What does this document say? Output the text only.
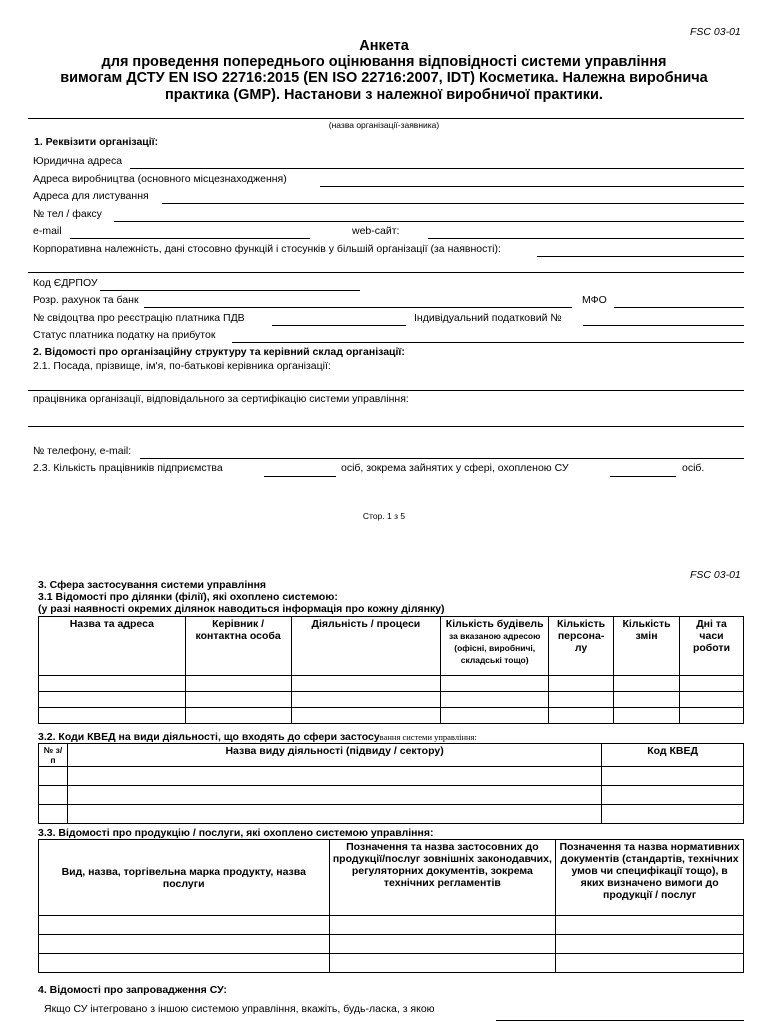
FSC 03-01
Анкета
для проведення попереднього оцінювання відповідності системи управління
вимогам ДСТУ EN ISO 22716:2015 (EN ISO 22716:2007, IDT) Косметика. Належна виробнича
практика (GMP). Настанови з належної виробничої практики.
(назва організації-заявника)
1. Реквізити організації:
Юридична адреса
Адреса виробництва (основного місцезнаходження)
Адреса для листування
№ тел / факсу
e-mail	web-сайт:
Корпоративна належність, дані стосовно функцій і стосунків у більшій організації (за наявності):
Код ЄДРПОУ
Розр. рахунок та банк	МФО
№ свідоцтва про реєстрацію платника ПДВ	Індивідуальний податковий №
Статус платника податку на прибуток
2. Відомості про організаційну структуру та керівний склад організації:
2.1. Посада, прізвище, ім'я, по-батькові керівника організації:
працівника організації, відповідального за сертифікацію системи управління:
№ телефону, e-mail:
2.3. Кількість працівників підприємства	осіб, зокрема зайнятих у сфері, охопленою СУ	осіб.
Стор. 1 з 5
FSC 03-01
3. Сфера застосування системи управління
3.1 Відомості про ділянки (філії), які охоплено системою:
(у разі наявності окремих ділянок наводиться інформація про кожну ділянку)
Назва та адреса	Керівник / контактна особа	Діяльність / процеси	Кількість будівель
за вказаною адресою (офісні, виробничі, складські тощо)	Кількість персона- лу	Кількість змін	Дні та часи роботи

3.2. Коди КВЕД на види діяльності, що входять до сфери застосування системи управління:
№ з/п	Назва виду діяльності (підвиду / сектору)	Код КВЕД

3.3. Відомості про продукцію / послуги, які охоплено системою управління:
Вид, назва, торгівельна марка продукту, назва послуги	Позначення та назва застосовних до продукції/послуг зовнішніх законодавчих, регуляторних документів, зокрема технічних регламентів	Позначення та назва нормативних документів (стандартів, технічних умов чи специфікації тощо), в яких визначено вимоги до продукції / послуг

4. Відомості про запровадження СУ:
Якщо СУ інтегровано з іншою системою управління, вкажіть, будь-ласка, з якою
